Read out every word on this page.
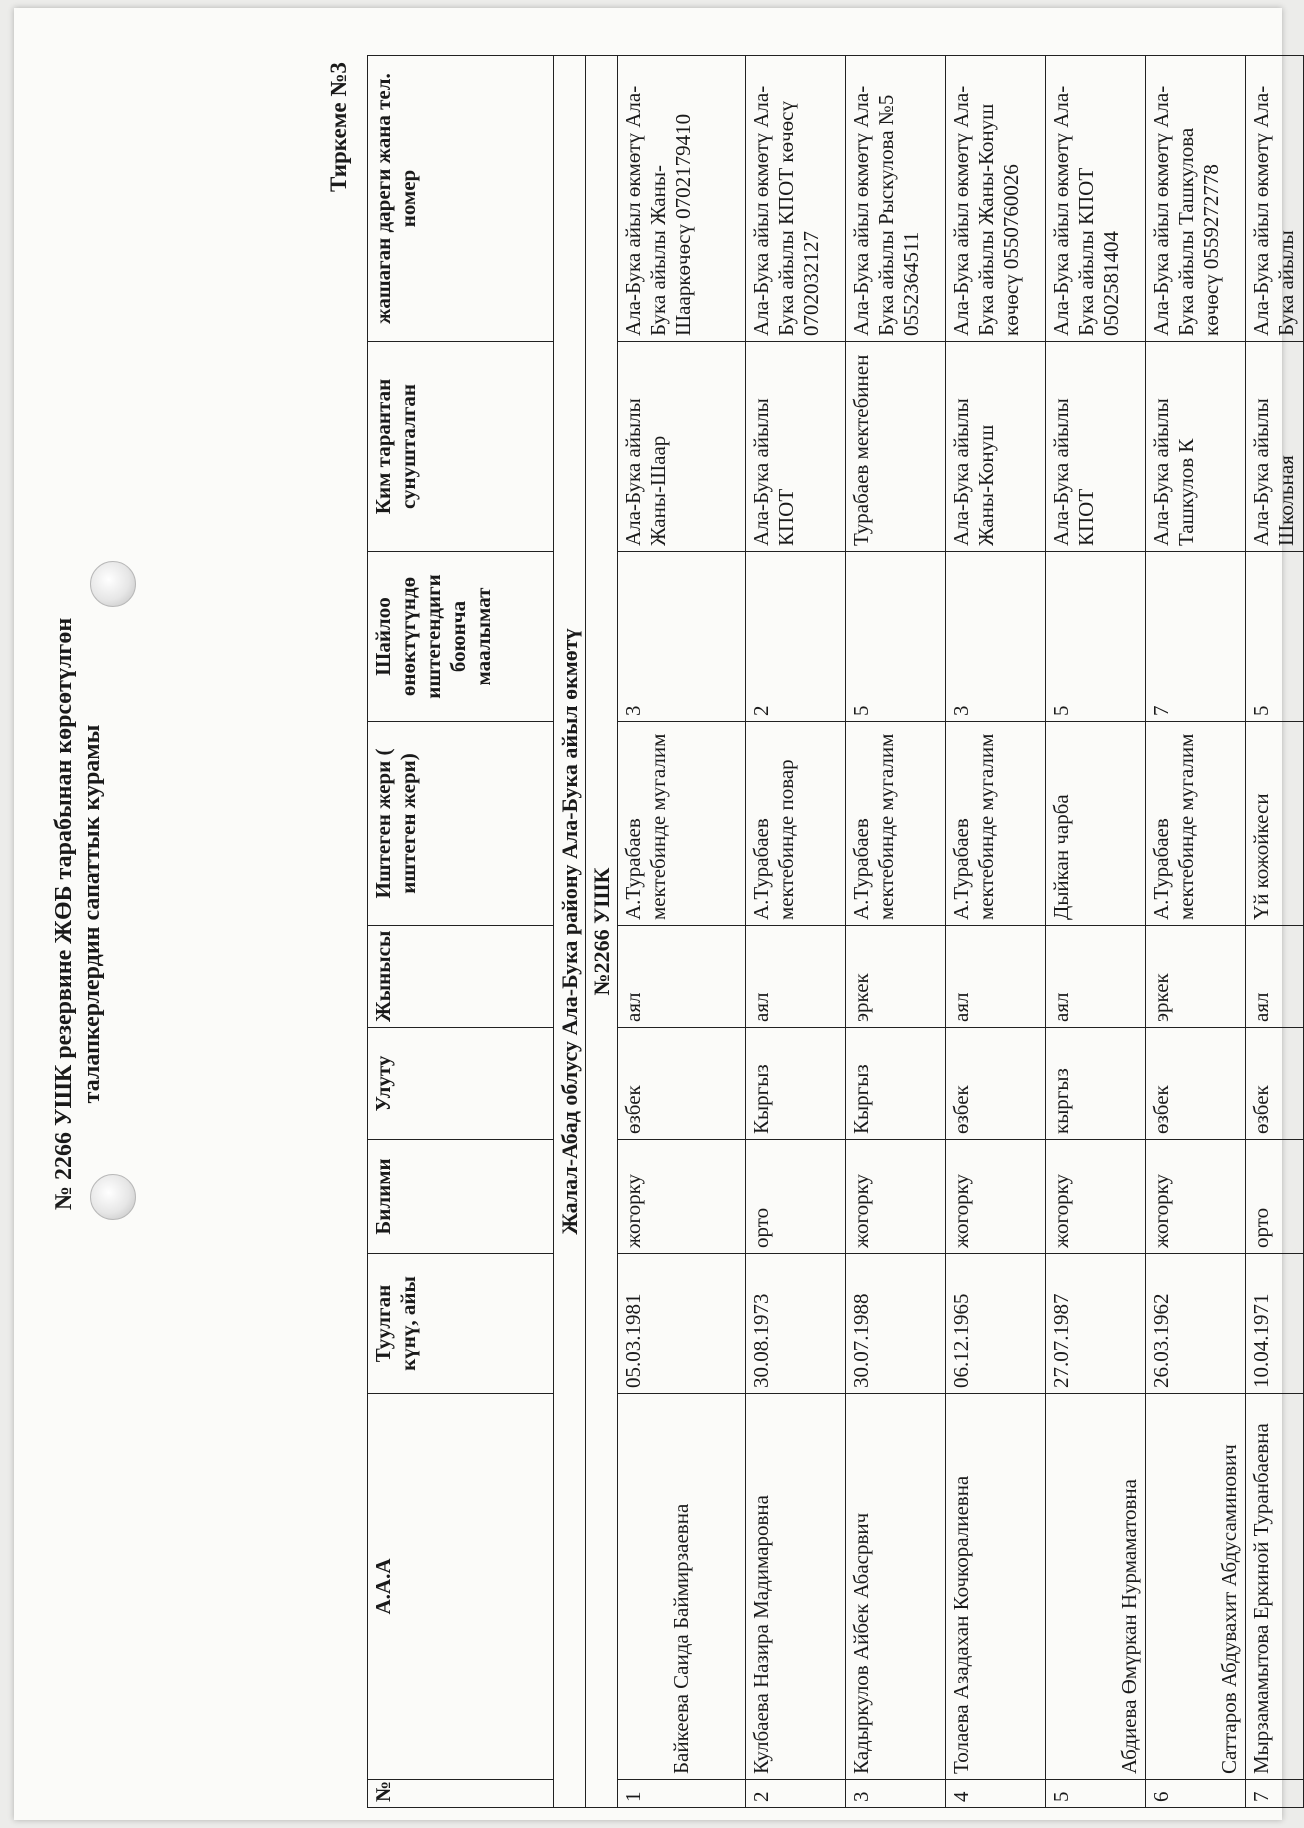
№ 2266 УШК резервине ЖӨБ тарабынан көрсөтүлгөн талапкерлердин сапаттык курамы
Тиркеме №3
№	А.А.А	Туулган күнү, айы	Билими	Улуту	Жынысы	Иштеген жери ( иштеген жери)	Шайлоо өнөктүгүндө иштегендиги боюнча маалымат	Ким тарантан сунушталган	жашаган дареги жана тел. номер
Жалал-Абад облусу Ала-Бука району Ала-Бука айыл өкмөтү									
№2266 УШК									
1	Байкеева Саида Баймирзаевна	05.03.1981	жогорку	өзбек	аял	А.Турабаев мектебинде мугалим	3	Ала-Бука айылы Жаны-Шаар	Ала-Бука айыл өкмөтү Ала-Бука айылы Жаны-Шааркөчөсү 0702179410
2	Кулбаева Назира Мадимаровна	30.08.1973	орто	Кыргыз	аял	А.Турабаев мектебинде повар	2	Ала-Бука айылы КПОТ	Ала-Бука айыл өкмөтү Ала-Бука айылы КПОТ көчөсү 0702032127
3	Кадыркулов Айбек Абасрвич	30.07.1988	жогорку	Кыргыз	эркек	А.Турабаев мектебинде мугалим	5	Турабаев мектебинен	Ала-Бука айыл өкмөтү Ала-Бука айылы Рыскулова №5 0552364511
4	Толаева Азадахан Кочкоралиевна	06.12.1965	жогорку	өзбек	аял	А.Турабаев мектебинде мугалим	3	Ала-Бука айылы Жаны-Конуш	Ала-Бука айыл өкмөтү Ала-Бука айылы Жаны-Конуш көчөсү 0550760026
5	Абдиева Өмүркан Нурмаматовна	27.07.1987	жогорку	кыргыз	аял	Дыйкан чарба	5	Ала-Бука айылы КПОТ	Ала-Бука айыл өкмөтү Ала-Бука айылы КПОТ 0502581404
6	Саттаров Абдувахит Абдусаминович	26.03.1962	жогорку	өзбек	эркек	А.Турабаев мектебинде мугалим	7	Ала-Бука айылы Ташкулов К	Ала-Бука айыл өкмөтү Ала-Бука айылы Ташкулова көчөсү 0559272778
7	Мырзамамытова Еркиной Туранбаевна	10.04.1971	орто	өзбек	аял	Үй кожойкеси	5	Ала-Бука айылы Школьная	Ала-Бука айыл өкмөтү Ала-Бука айылы
